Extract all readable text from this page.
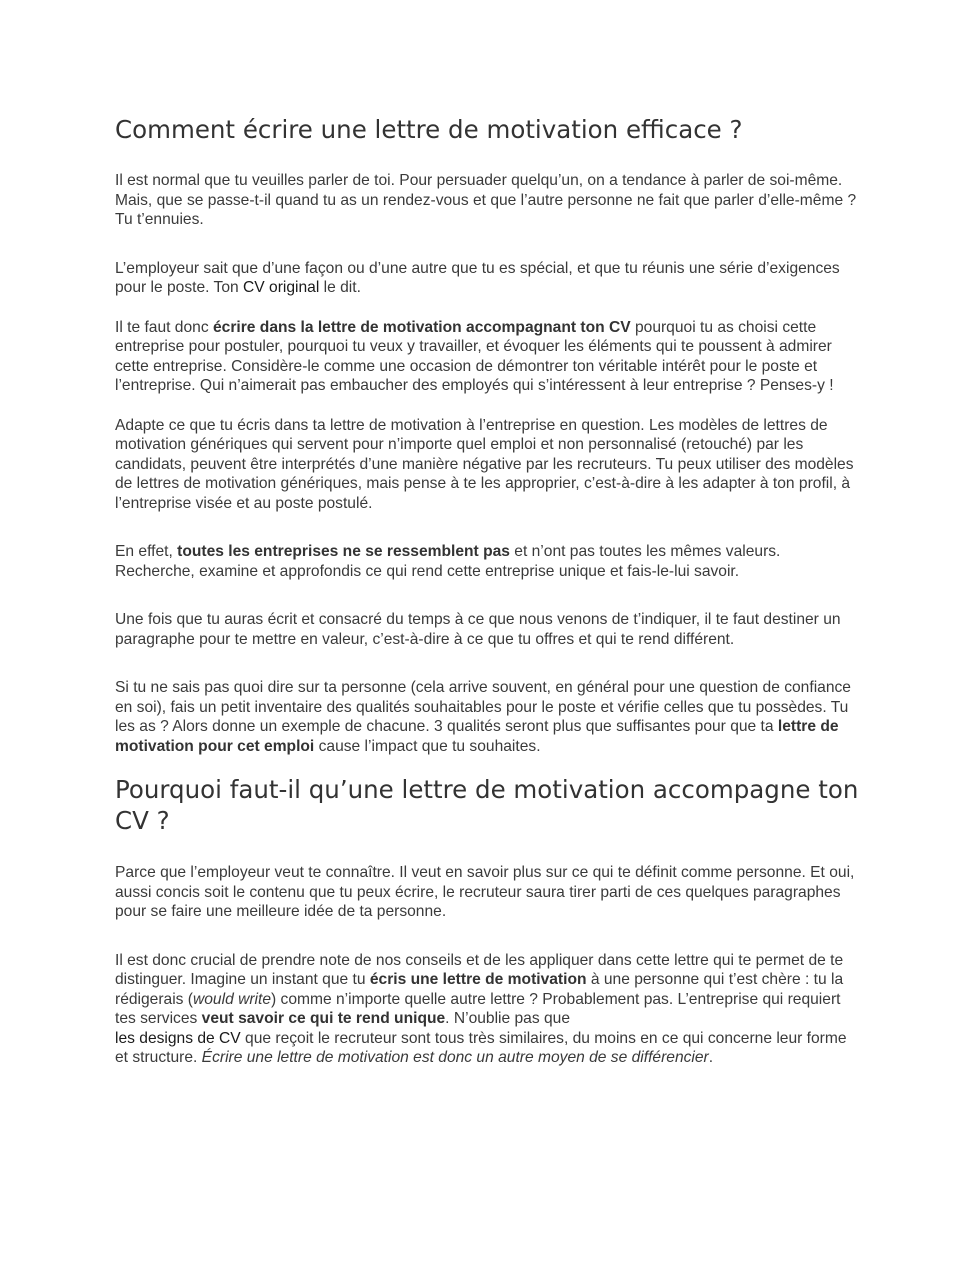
Comment écrire une lettre de motivation efficace ?

Il est normal que tu veuilles parler de toi. Pour persuader quelqu’un, on a tendance à parler de soi-même. Mais, que se passe-t-il quand tu as un rendez-vous et que l’autre personne ne fait que parler d’elle-même ? Tu t’ennuies.

L’employeur sait que d’une façon ou d’une autre que tu es spécial, et que tu réunis une série d’exigences pour le poste. Ton CV original le dit.

Il te faut donc écrire dans la lettre de motivation accompagnant ton CV pourquoi tu as choisi cette entreprise pour postuler, pourquoi tu veux y travailler, et évoquer les éléments qui te poussent à admirer cette entreprise. Considère-le comme une occasion de démontrer ton véritable intérêt pour le poste et l’entreprise. Qui n’aimerait pas embaucher des employés qui s’intéressent à leur entreprise ? Penses-y !

Adapte ce que tu écris dans ta lettre de motivation à l’entreprise en question. Les modèles de lettres de motivation génériques qui servent pour n’importe quel emploi et non personnalisé (retouché) par les candidats, peuvent être interprétés d’une manière négative par les recruteurs. Tu peux utiliser des modèles de lettres de motivation génériques, mais pense à te les approprier, c’est-à-dire à les adapter à ton profil, à l’entreprise visée et au poste postulé.

En effet, toutes les entreprises ne se ressemblent pas et n’ont pas toutes les mêmes valeurs. Recherche, examine et approfondis ce qui rend cette entreprise unique et fais-le-lui savoir.

Une fois que tu auras écrit et consacré du temps à ce que nous venons de t’indiquer, il te faut destiner un paragraphe pour te mettre en valeur, c’est-à-dire à ce que tu offres et qui te rend différent.

Si tu ne sais pas quoi dire sur ta personne (cela arrive souvent, en général pour une question de confiance en soi), fais un petit inventaire des qualités souhaitables pour le poste et vérifie celles que tu possèdes. Tu les as ? Alors donne un exemple de chacune. 3 qualités seront plus que suffisantes pour que ta lettre de motivation pour cet emploi cause l’impact que tu souhaites.

Pourquoi faut-il qu’une lettre de motivation accompagne ton CV ?

Parce que l’employeur veut te connaître. Il veut en savoir plus sur ce qui te définit comme personne. Et oui, aussi concis soit le contenu que tu peux écrire, le recruteur saura tirer parti de ces quelques paragraphes pour se faire une meilleure idée de ta personne.

Il est donc crucial de prendre note de nos conseils et de les appliquer dans cette lettre qui te permet de te distinguer. Imagine un instant que tu écris une lettre de motivation à une personne qui t’est chère : tu la rédigerais (would write) comme n’importe quelle autre lettre ? Probablement pas. L’entreprise qui requiert tes services veut savoir ce qui te rend unique. N’oublie pas que
les designs de CV que reçoit le recruteur sont tous très similaires, du moins en ce qui concerne leur forme et structure. Écrire une lettre de motivation est donc un autre moyen de se différencier.
